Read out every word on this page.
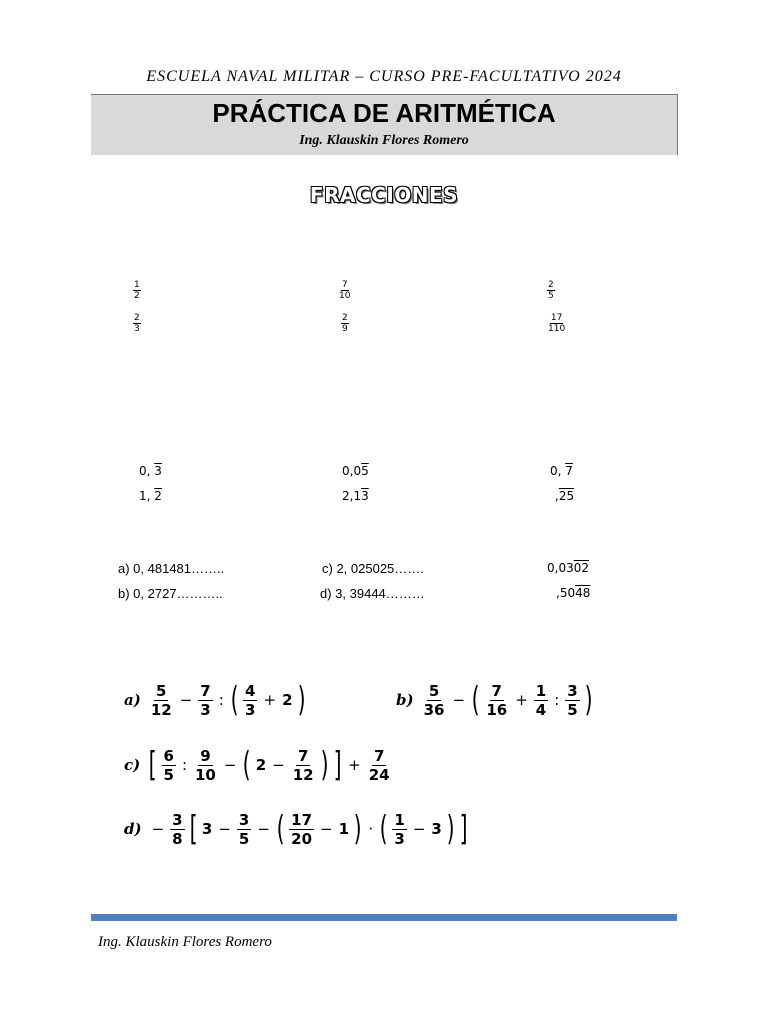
ESCUELA NAVAL MILITAR – CURSO PRE-FACULTATIVO 2024
PRÁCTICA DE ARITMÉTICA
Ing. Klauskin Flores Romero
FRACCIONES
$\frac{1}{2}$	$\frac{7}{10}$	$\frac{2}{5}$
$\frac{2}{3}$	$\frac{2}{9}$	$\frac{17}{110}$
0, 3	0,05	0, 7
1, 2	2,13	,25
a) 0, 481481……..	c) 2, 025025…….	0,0302
b) 0, 2727………..	d) 3, 39444………	,5048
a)
5
12
− $\frac{7}{3}$ : ( 4
3
+ 2 )	b)
5
36
− ( 7
16
+ $\frac{1}{4}$ :
3
5 )
c) [ 6
5
:
9
10
− ( $2 - \frac{7}{12}$ ) ] + $\frac{7}{24}$
$d) - \frac{3}{8}$ [ $3 - \frac{3}{5}$ − ( 17
20
− 1 ) · ( 1
3
− 3 ) ]
Ing. Klauskin Flores Romero
